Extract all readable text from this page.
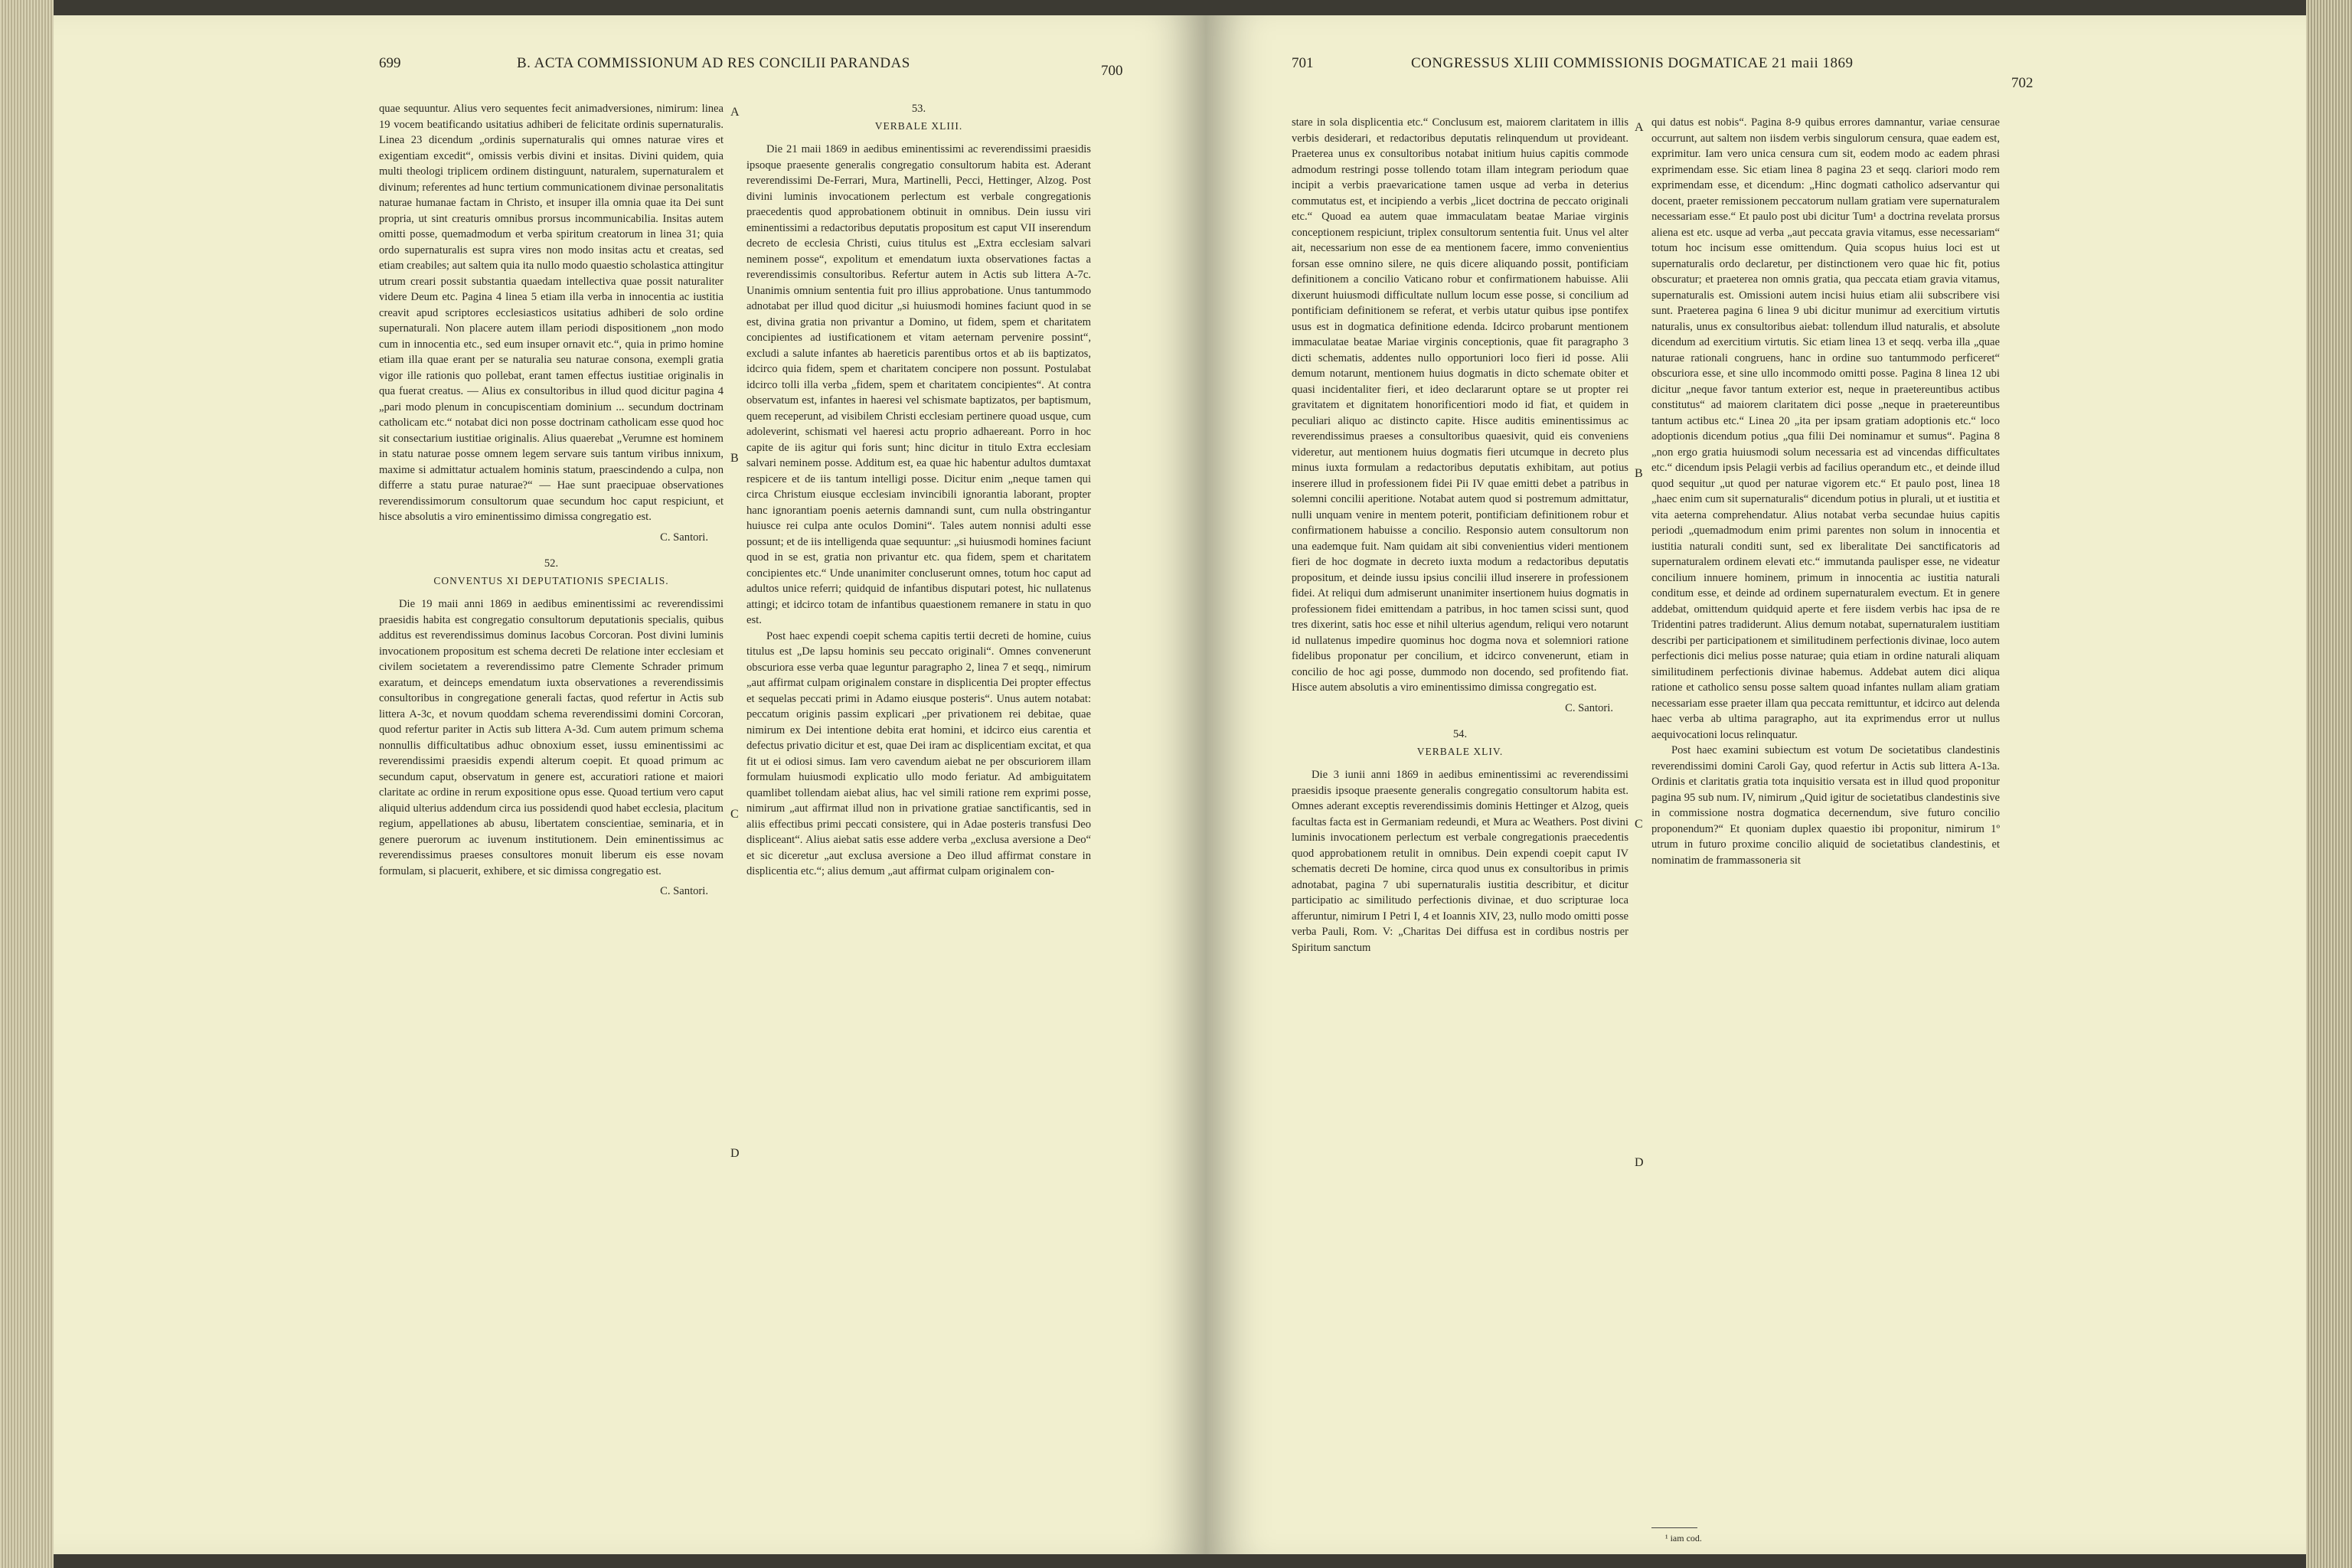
699	B. ACTA COMMISSIONUM AD RES CONCILII PARANDAS	700

quae sequuntur. Alius vero sequentes fecit animadversiones, nimirum: linea 19 vocem beatificando usitatius adhiberi de felicitate ordinis supernaturalis. Linea 23 dicendum „ordinis supernaturalis qui omnes naturae vires et exigentiam excedit“, omissis verbis divini et insitas. Divini quidem, quia multi theologi triplicem ordinem distinguunt, naturalem, supernaturalem et divinum; referentes ad hunc tertium communicationem divinae personalitatis naturae humanae factam in Christo, et insuper illa omnia quae ita Dei sunt propria, ut sint creaturis omnibus prorsus incommunicabilia. Insitas autem omitti posse, quemadmodum et verba spiritum creatorum in linea 31; quia ordo supernaturalis est supra vires non modo insitas actu et creatas, sed etiam creabiles; aut saltem quia ita nullo modo quaestio scholastica attingitur utrum creari possit substantia quaedam intellectiva quae possit naturaliter videre Deum etc. Pagina 4 linea 5 etiam illa verba in innocentia ac iustitia creavit apud scriptores ecclesiasticos usitatius adhiberi de solo ordine supernaturali. Non placere autem illam periodi dispositionem „non modo cum in innocentia etc., sed eum insuper ornavit etc.“, quia in primo homine etiam illa quae erant per se naturalia seu naturae consona, exempli gratia vigor ille rationis quo pollebat, erant tamen effectus iustitiae originalis in qua fuerat creatus. — Alius ex consultoribus in illud quod dicitur pagina 4 „pari modo plenum in concupiscentiam dominium ... secundum doctrinam catholicam etc.“ notabat dici non posse doctrinam catholicam esse quod hoc sit consectarium iustitiae originalis. Alius quaerebat „Verumne est hominem in statu naturae posse omnem legem servare suis tantum viribus innixum, maxime si admittatur actualem hominis statum, praescindendo a culpa, non differre a statu purae naturae?“ — Hae sunt praecipuae observationes reverendissimorum consultorum quae secundum hoc caput respiciunt, et hisce absolutis a viro eminentissimo dimissa congregatio est.

C. Santori.

52.

CONVENTUS XI DEPUTATIONIS SPECIALIS.

Die 19 maii anni 1869 in aedibus eminentissimi ac reverendissimi praesidis habita est congregatio consultorum deputationis specialis, quibus additus est reverendissimus dominus Iacobus Corcoran. Post divini luminis invocationem propositum est schema decreti De relatione inter ecclesiam et civilem societatem a reverendissimo patre Clemente Schrader primum exaratum, et deinceps emendatum iuxta observationes a reverendissimis consultoribus in congregatione generali factas, quod refertur in Actis sub littera A-3c, et novum quoddam schema reverendissimi domini Corcoran, quod refertur pariter in Actis sub littera A-3d. Cum autem primum schema nonnullis difficultatibus adhuc obnoxium esset, iussu eminentissimi ac reverendissimi praesidis expendi alterum coepit. Et quoad primum ac secundum caput, observatum in genere est, accuratiori ratione et maiori claritate ac ordine in rerum expositione opus esse. Quoad tertium vero caput aliquid ulterius addendum circa ius possidendi quod habet ecclesia, placitum regium, appellationes ab abusu, libertatem conscientiae, seminaria, et in genere puerorum ac iuvenum institutionem. Dein eminentissimus ac reverendissimus praeses consultores monuit liberum eis esse novam formulam, si placuerit, exhibere, et sic dimissa congregatio est.

C. Santori.

A
B
C
D

53.

VERBALE XLIII.

Die 21 maii 1869 in aedibus eminentissimi ac reverendissimi praesidis ipsoque praesente generalis congregatio consultorum habita est. Aderant reverendissimi De-Ferrari, Mura, Martinelli, Pecci, Hettinger, Alzog. Post divini luminis invocationem perlectum est verbale congregationis praecedentis quod approbationem obtinuit in omnibus. Dein iussu viri eminentissimi a redactoribus deputatis propositum est caput VII inserendum decreto de ecclesia Christi, cuius titulus est „Extra ecclesiam salvari neminem posse“, expolitum et emendatum iuxta observationes factas a reverendissimis consultoribus. Refertur autem in Actis sub littera A-7c. Unanimis omnium sententia fuit pro illius approbatione. Unus tantummodo adnotabat per illud quod dicitur „si huiusmodi homines faciunt quod in se est, divina gratia non privantur a Domino, ut fidem, spem et charitatem concipientes ad iustificationem et vitam aeternam pervenire possint“, excludi a salute infantes ab haereticis parentibus ortos et ab iis baptizatos, idcirco quia fidem, spem et charitatem concipere non possunt. Postulabat idcirco tolli illa verba „fidem, spem et charitatem concipientes“. At contra observatum est, infantes in haeresi vel schismate baptizatos, per baptismum, quem receperunt, ad visibilem Christi ecclesiam pertinere quoad usque, cum adoleverint, schismati vel haeresi actu proprio adhaereant. Porro in hoc capite de iis agitur qui foris sunt; hinc dicitur in titulo Extra ecclesiam salvari neminem posse. Additum est, ea quae hic habentur adultos dumtaxat respicere et de iis tantum intelligi posse. Dicitur enim „neque tamen qui circa Christum eiusque ecclesiam invincibili ignorantia laborant, propter hanc ignorantiam poenis aeternis damnandi sunt, cum nulla obstringantur huiusce rei culpa ante oculos Domini“. Tales autem nonnisi adulti esse possunt; et de iis intelligenda quae sequuntur: „si huiusmodi homines faciunt quod in se est, gratia non privantur etc. qua fidem, spem et charitatem concipientes etc.“ Unde unanimiter concluserunt omnes, totum hoc caput ad adultos unice referri; quidquid de infantibus disputari potest, hic nullatenus attingi; et idcirco totam de infantibus quaestionem remanere in statu in quo est.

Post haec expendi coepit schema capitis tertii decreti de homine, cuius titulus est „De lapsu hominis seu peccato originali“. Omnes convenerunt obscuriora esse verba quae leguntur paragrapho 2, linea 7 et seqq., nimirum „aut affirmat culpam originalem constare in displicentia Dei propter effectus et sequelas peccati primi in Adamo eiusque posteris“. Unus autem notabat: peccatum originis passim explicari „per privationem rei debitae, quae nimirum ex Dei intentione debita erat homini, et idcirco eius carentia et defectus privatio dicitur et est, quae Dei iram ac displicentiam excitat, et qua fit ut ei odiosi simus. Iam vero cavendum aiebat ne per obscuriorem illam formulam huiusmodi explicatio ullo modo feriatur. Ad ambiguitatem quamlibet tollendam aiebat alius, hac vel simili ratione rem exprimi posse, nimirum „aut affirmat illud non in privatione gratiae sanctificantis, sed in aliis effectibus primi peccati consistere, qui in Adae posteris transfusi Deo displiceant“. Alius aiebat satis esse addere verba „exclusa aversione a Deo“ et sic diceretur „aut exclusa aversione a Deo illud affirmat constare in displicentia etc.“; alius demum „aut affirmat culpam originalem con-

701	CONGRESSUS XLIII COMMISSIONIS DOGMATICAE 21 maii 1869
702

stare in sola displicentia etc.“ Conclusum est, maiorem claritatem in illis verbis desiderari, et redactoribus deputatis relinquendum ut provideant. Praeterea unus ex consultoribus notabat initium huius capitis commode admodum restringi posse tollendo totam illam integram periodum quae incipit a verbis praevaricatione tamen usque ad verba in deterius commutatus est, et incipiendo a verbis „licet doctrina de peccato originali etc.“ Quoad ea autem quae immaculatam beatae Mariae virginis conceptionem respiciunt, triplex consultorum sententia fuit. Unus vel alter ait, necessarium non esse de ea mentionem facere, immo convenientius forsan esse omnino silere, ne quis dicere aliquando possit, pontificiam definitionem a concilio Vaticano robur et confirmationem habuisse. Alii dixerunt huiusmodi difficultate nullum locum esse posse, si concilium ad pontificiam definitionem se referat, et verbis utatur quibus ipse pontifex usus est in dogmatica definitione edenda. Idcirco probarunt mentionem immaculatae beatae Mariae virginis conceptionis, quae fit paragrapho 3 dicti schematis, addentes nullo opportuniori loco fieri id posse. Alii demum notarunt, mentionem huius dogmatis in dicto schemate obiter et quasi incidentaliter fieri, et ideo declararunt optare se ut propter rei gravitatem et dignitatem honorificentiori modo id fiat, et quidem in peculiari aliquo ac distincto capite. Hisce auditis eminentissimus ac reverendissimus praeses a consultoribus quaesivit, quid eis conveniens videretur, aut mentionem huius dogmatis fieri utcumque in decreto plus minus iuxta formulam a redactoribus deputatis exhibitam, aut potius inserere illud in professionem fidei Pii IV quae emitti debet a patribus in solemni concilii aperitione. Notabat autem quod si postremum admittatur, nulli unquam venire in mentem poterit, pontificiam definitionem robur et confirmationem habuisse a concilio. Responsio autem consultorum non una eademque fuit. Nam quidam ait sibi convenientius videri mentionem fieri de hoc dogmate in decreto iuxta modum a redactoribus deputatis propositum, et deinde iussu ipsius concilii illud inserere in professionem fidei. At reliqui dum admiserunt unanimiter insertionem huius dogmatis in professionem fidei emittendam a patribus, in hoc tamen scissi sunt, quod tres dixerint, satis hoc esse et nihil ulterius agendum, reliqui vero notarunt id nullatenus impedire quominus hoc dogma nova et solemniori ratione fidelibus proponatur per concilium, et idcirco convenerunt, etiam in concilio de hoc agi posse, dummodo non docendo, sed profitendo fiat. Hisce autem absolutis a viro eminentissimo dimissa congregatio est.

C. Santori.

54.

VERBALE XLIV.

Die 3 iunii anni 1869 in aedibus eminentissimi ac reverendissimi praesidis ipsoque praesente generalis congregatio consultorum habita est. Omnes aderant exceptis reverendissimis dominis Hettinger et Alzog, queis facultas facta est in Germaniam redeundi, et Mura ac Weathers. Post divini luminis invocationem perlectum est verbale congregationis praecedentis quod approbationem retulit in omnibus. Dein expendi coepit caput IV schematis decreti De homine, circa quod unus ex consultoribus in primis adnotabat, pagina 7 ubi supernaturalis iustitia describitur, et dicitur participatio ac similitudo perfectionis divinae, et duo scripturae loca afferuntur, nimirum I Petri I, 4 et Ioannis XIV, 23, nullo modo omitti posse verba Pauli, Rom. V: „Charitas Dei diffusa est in cordibus nostris per Spiritum sanctum

A
B
C
D

qui datus est nobis“. Pagina 8-9 quibus errores damnantur, variae censurae occurrunt, aut saltem non iisdem verbis singulorum censura, quae eadem est, exprimitur. Iam vero unica censura cum sit, eodem modo ac eadem phrasi exprimendam esse. Sic etiam linea 8 pagina 23 et seqq. clariori modo rem exprimendam esse, et dicendum: „Hinc dogmati catholico adservantur qui docent, praeter remissionem peccatorum nullam gratiam vere supernaturalem necessariam esse.“ Et paulo post ubi dicitur Tum¹ a doctrina revelata prorsus aliena est etc. usque ad verba „aut peccata gravia vitamus, esse necessariam“ totum hoc incisum esse omittendum. Quia scopus huius loci est ut supernaturalis ordo declaretur, per distinctionem vero quae hic fit, potius obscuratur; et praeterea non omnis gratia, qua peccata etiam gravia vitamus, supernaturalis est. Omissioni autem incisi huius etiam alii subscribere visi sunt. Praeterea pagina 6 linea 9 ubi dicitur munimur ad exercitium virtutis naturalis, unus ex consultoribus aiebat: tollendum illud naturalis, et absolute dicendum ad exercitium virtutis. Sic etiam linea 13 et seqq. verba illa „quae naturae rationali congruens, hanc in ordine suo tantummodo perficeret“ obscuriora esse, et sine ullo incommodo omitti posse. Pagina 8 linea 12 ubi dicitur „neque favor tantum exterior est, neque in praetereuntibus actibus constitutus“ ad maiorem claritatem dici posse „neque in praetereuntibus tantum actibus etc.“ Linea 20 „ita per ipsam gratiam adoptionis etc.“ loco adoptionis dicendum potius „qua filii Dei nominamur et sumus“. Pagina 8 „non ergo gratia huiusmodi solum necessaria est ad vincendas difficultates etc.“ dicendum ipsis Pelagii verbis ad facilius operandum etc., et deinde illud quod sequitur „ut quod per naturae vigorem etc.“ Et paulo post, linea 18 „haec enim cum sit supernaturalis“ dicendum potius in plurali, ut et iustitia et vita aeterna comprehendatur. Alius notabat verba secundae huius capitis periodi „quemadmodum enim primi parentes non solum in innocentia et iustitia naturali conditi sunt, sed ex liberalitate Dei sanctificatoris ad supernaturalem ordinem elevati etc.“ immutanda paulisper esse, ne videatur concilium innuere hominem, primum in innocentia ac iustitia naturali conditum esse, et deinde ad ordinem supernaturalem evectum. Et in genere addebat, omittendum quidquid aperte et fere iisdem verbis hac ipsa de re Tridentini patres tradiderunt. Alius demum notabat, supernaturalem iustitiam describi per participationem et similitudinem perfectionis divinae, loco autem perfectionis dici melius posse naturae; quia etiam in ordine naturali aliquam similitudinem perfectionis divinae habemus. Addebat autem dici aliqua ratione et catholico sensu posse saltem quoad infantes nullam aliam gratiam necessariam esse praeter illam qua peccata remittuntur, et idcirco aut delenda haec verba ab ultima paragrapho, aut ita exprimendus error ut nullus aequivocationi locus relinquatur.

Post haec examini subiectum est votum De societatibus clandestinis reverendissimi domini Caroli Gay, quod refertur in Actis sub littera A-13a. Ordinis et claritatis gratia tota inquisitio versata est in illud quod proponitur pagina 95 sub num. IV, nimirum „Quid igitur de societatibus clandestinis sive in commissione nostra dogmatica decernendum, sive futuro concilio proponendum?“ Et quoniam duplex quaestio ibi proponitur, nimirum 1º utrum in futuro proxime concilio aliquid de societatibus clandestinis, et nominatim de frammassoneria sit

¹ iam cod.
